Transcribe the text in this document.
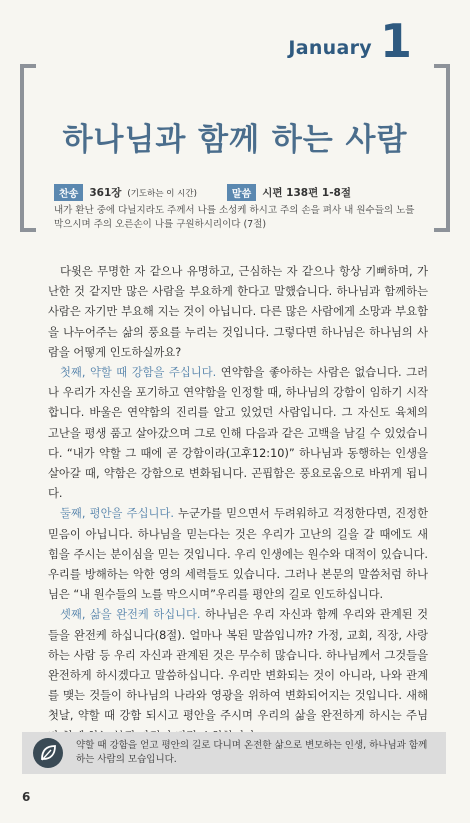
January 1
하나님과 함께 하는 사람
찬송	361장 (기도하는 이 시간)	말씀	시편 138편 1-8절
내가 환난 중에 다닐지라도 주께서 나를 소성케 하시고 주의 손을 펴사 내 원수들의 노를 막으시며 주의 오른손이 나를 구원하시리이다 (7절)

다윗은 무명한 자 같으나 유명하고, 근심하는 자 같으나 항상 기뻐하며, 가난한 것 같지만 많은 사람을 부요하게 한다고 말했습니다. 하나님과 함께하는 사람은 자기만 부요해 지는 것이 아닙니다. 다른 많은 사람에게 소망과 부요함을 나누어주는 삶의 풍요를 누리는 것입니다. 그렇다면 하나님은 하나님의 사람을 어떻게 인도하실까요?

첫째, 약할 때 강함을 주십니다. 연약함을 좋아하는 사람은 없습니다. 그러나 우리가 자신을 포기하고 연약함을 인정할 때, 하나님의 강함이 임하기 시작합니다. 바울은 연약함의 진리를 알고 있었던 사람입니다. 그 자신도 육체의 고난을 평생 품고 살아갔으며 그로 인해 다음과 같은 고백을 남길 수 있었습니다. “내가 약할 그 때에 곧 강함이라(고후12:10)” 하나님과 동행하는 인생을 살아갈 때, 약함은 강함으로 변화됩니다. 곤핍함은 풍요로움으로 바뀌게 됩니다.

둘째, 평안을 주십니다. 누군가를 믿으면서 두려워하고 걱정한다면, 진정한 믿음이 아닙니다. 하나님을 믿는다는 것은 우리가 고난의 길을 갈 때에도 새 힘을 주시는 분이심을 믿는 것입니다. 우리 인생에는 원수와 대적이 있습니다. 우리를 방해하는 악한 영의 세력들도 있습니다. 그러나 본문의 말씀처럼 하나님은 “내 원수들의 노를 막으시며”우리를 평안의 길로 인도하십니다.

셋째, 삶을 완전케 하십니다. 하나님은 우리 자신과 함께 우리와 관계된 것들을 완전케 하십니다(8절). 얼마나 복된 말씀입니까? 가정, 교회, 직장, 사랑하는 사람 등 우리 자신과 관계된 것은 무수히 많습니다. 하나님께서 그것들을 완전하게 하시겠다고 말씀하십니다. 우리만 변화되는 것이 아니라, 나와 관계를 맺는 것들이 하나님의 나라와 영광을 위하여 변화되어지는 것입니다. 새해 첫날, 약할 때 강함 되시고 평안을 주시며 우리의 삶을 완전하게 하시는 주님

약할 때 강함을 얻고 평안의 길로 다니며 온전한 삶으로 변모하는 인생, 하나님과 함께 하는 사람의 모습입니다.
6
